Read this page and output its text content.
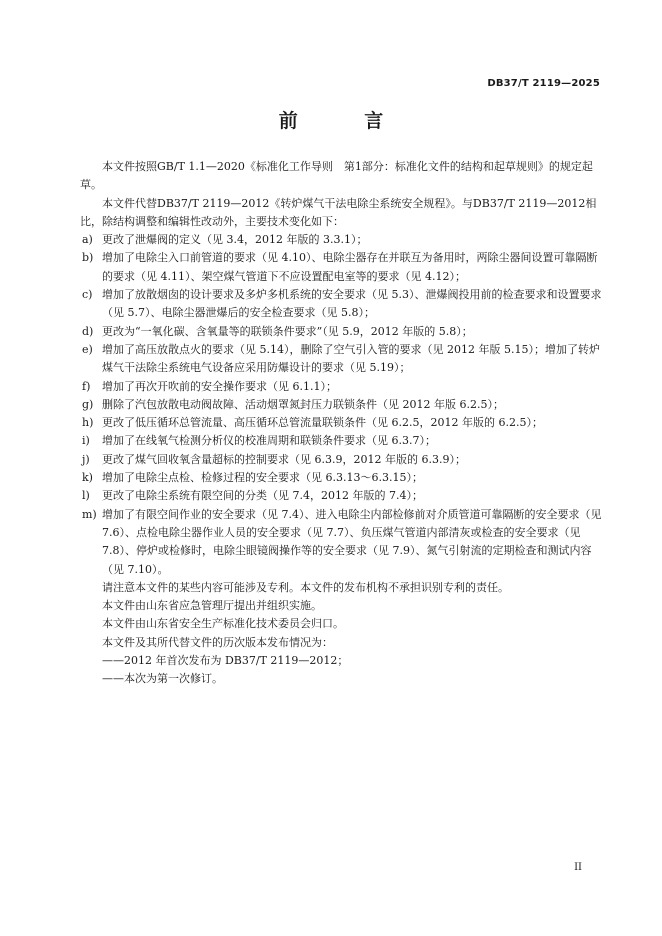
DB37/T 2119—2025
前 言

本文件按照GB/T 1.1—2020《标准化工作导则　第1部分：标准化文件的结构和起草规则》的规定起草。

本文件代替DB37/T 2119—2012《转炉煤气干法电除尘系统安全规程》。与DB37/T 2119—2012相比，除结构调整和编辑性改动外，主要技术变化如下：

a) 更改了泄爆阀的定义（见 3.4，2012 年版的 3.3.1）；
b) 增加了电除尘入口前管道的要求（见 4.10）、电除尘器存在并联互为备用时，两除尘器间设置可靠隔断的要求（见 4.11）、架空煤气管道下不应设置配电室等的要求（见 4.12）；
c) 增加了放散烟囱的设计要求及多炉多机系统的安全要求（见 5.3）、泄爆阀投用前的检查要求和设置要求（见 5.7）、电除尘器泄爆后的安全检查要求（见 5.8）；
d) 更改为“一氧化碳、含氧量等的联锁条件要求”（见 5.9，2012 年版的 5.8）；
e) 增加了高压放散点火的要求（见 5.14），删除了空气引入管的要求（见 2012 年版 5.15）；增加了转炉煤气干法除尘系统电气设备应采用防爆设计的要求（见 5.19）；
f) 增加了再次开吹前的安全操作要求（见 6.1.1）；
g) 删除了汽包放散电动阀故障、活动烟罩氮封压力联锁条件（见 2012 年版 6.2.5）；
h) 更改了低压循环总管流量、高压循环总管流量联锁条件（见 6.2.5，2012 年版的 6.2.5）；
i) 增加了在线氧气检测分析仪的校准周期和联锁条件要求（见 6.3.7）；
j) 更改了煤气回收氧含量超标的控制要求（见 6.3.9，2012 年版的 6.3.9）；
k) 增加了电除尘点检、检修过程的安全要求（见 6.3.13～6.3.15）；
l) 更改了电除尘系统有限空间的分类（见 7.4，2012 年版的 7.4）；
m) 增加了有限空间作业的安全要求（见 7.4）、进入电除尘内部检修前对介质管道可靠隔断的安全要求（见 7.6）、点检电除尘器作业人员的安全要求（见 7.7）、负压煤气管道内部清灰或检查的安全要求（见 7.8）、停炉或检修时，电除尘眼镜阀操作等的安全要求（见 7.9）、氮气引射流的定期检查和测试内容（见 7.10）。

请注意本文件的某些内容可能涉及专利。本文件的发布机构不承担识别专利的责任。

本文件由山东省应急管理厅提出并组织实施。

本文件由山东省安全生产标准化技术委员会归口。

本文件及其所代替文件的历次版本发布情况为：

——2012 年首次发布为 DB37/T 2119—2012；

——本次为第一次修订。

II
